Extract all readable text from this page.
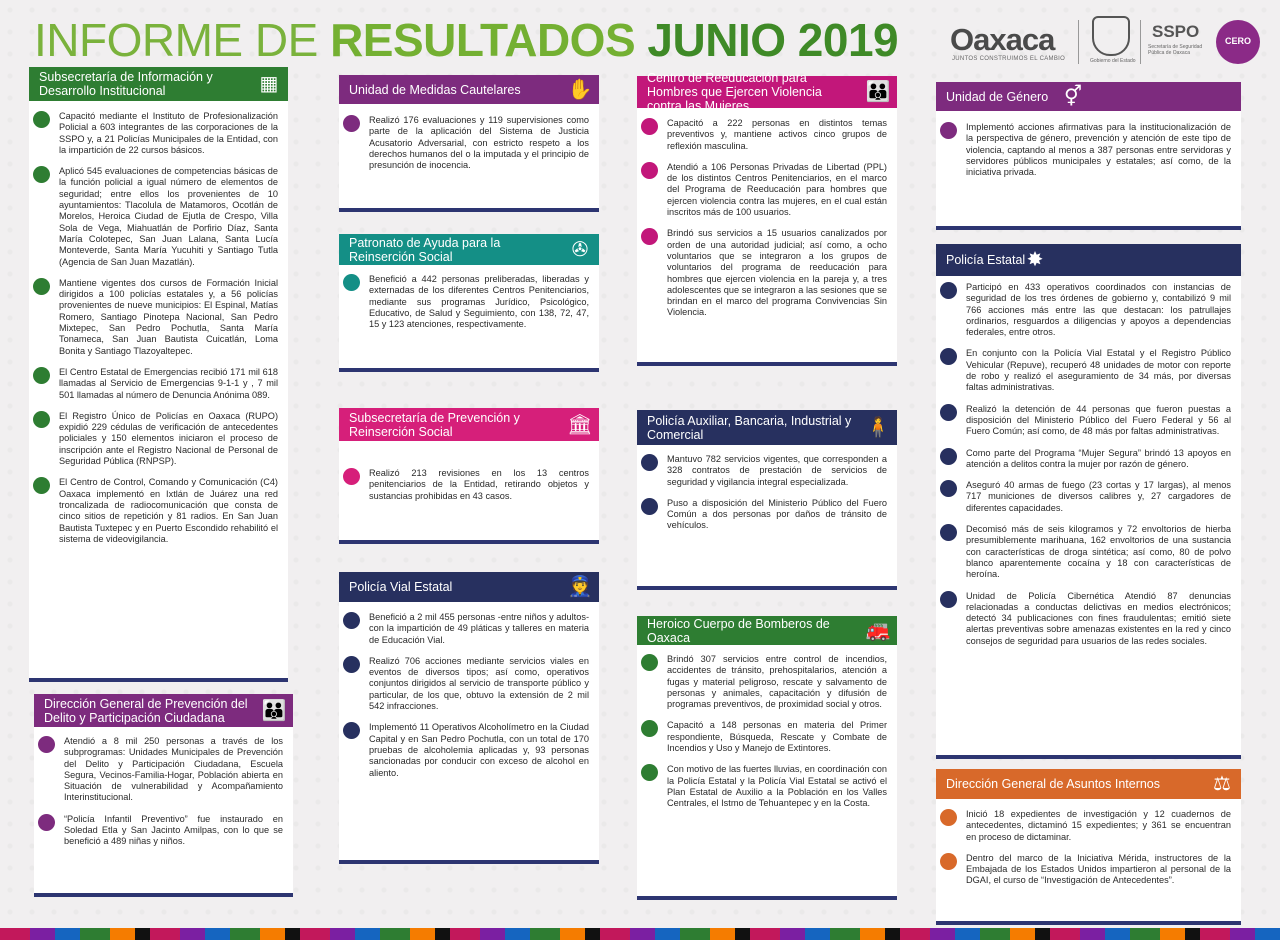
INFORME DE RESULTADOS JUNIO 2019 Oaxaca
JUNTOS CONSTRUIMOS EL CAMBIO	Gobierno del Estado
SSPO
Secretaría de Seguridad Pública de Oaxaca
CERO
Subsecretaría de Información y Desarrollo Institucional	▦
Capacitó mediante el Instituto de Profesionalización Policial a 603 integrantes de las corporaciones de la SSPO y, a 21 Policías Municipales de la Entidad, con la impartición de 22 cursos básicos.
Aplicó 545 evaluaciones de competencias básicas de la función policial a igual número de elementos de seguridad; entre ellos los provenientes de 10 ayuntamientos: Tlacolula de Matamoros, Ocotlán de Morelos, Heroica Ciudad de Ejutla de Crespo, Villa Sola de Vega, Miahuatlán de Porfirio Díaz, Santa María Colotepec, San Juan Lalana, Santa Lucía Monteverde, Santa María Yucuhiti y Santiago Tutla (Agencia de San Juan Mazatlán).
Mantiene vigentes dos cursos de Formación Inicial dirigidos a 100 policías estatales y, a 56 policías provenientes de nueve municipios: El Espinal, Matías Romero, Santiago Pinotepa Nacional, San Pedro Mixtepec, San Pedro Pochutla, Santa María Tonameca, San Juan Bautista Cuicatlán, Loma Bonita y Santiago Tlazoyaltepec.
El Centro Estatal de Emergencias recibió 171 mil 618 llamadas al Servicio de Emergencias 9-1-1 y , 7 mil 501 llamadas al número de Denuncia Anónima 089.
El Registro Único de Policías en Oaxaca (RUPO) expidió 229 cédulas de verificación de antecedentes policiales y 150 elementos iniciaron el proceso de inscripción ante el Registro Nacional de Personal de Seguridad Pública (RNPSP).
El Centro de Control, Comando y Comunicación (C4) Oaxaca implementó en Ixtlán de Juárez una red troncalizada de radiocomunicación que consta de cinco sitios de repetición y 81 radios. En San Juan Bautista Tuxtepec y en Puerto Escondido rehabilitó el sistema de videovigilancia.
Dirección General de Prevención del Delito y Participación Ciudadana	👪
Atendió a 8 mil 250 personas a través de los subprogramas: Unidades Municipales de Prevención del Delito y Participación Ciudadana, Escuela Segura, Vecinos-Familia-Hogar, Población abierta en Situación de vulnerabilidad y Acompañamiento Interinstitucional.
“Policía Infantil Preventivo” fue instaurado en Soledad Etla y San Jacinto Amilpas, con lo que se benefició a 489 niñas y niños.
Unidad de Medidas Cautelares ✋
Realizó 176 evaluaciones y 119 supervisiones como parte de la aplicación del Sistema de Justicia Acusatorio Adversarial, con estricto respeto a los derechos humanos del o la imputada y el principio de presunción de inocencia.
Patronato de Ayuda para la Reinserción Social	✇
Benefició a 442 personas preliberadas, liberadas y externadas de los diferentes Centros Penitenciarios, mediante sus programas Jurídico, Psicológico, Educativo, de Salud y Seguimiento, con 138, 72, 47, 15 y 123 atenciones, respectivamente.
Subsecretaría de Prevención y Reinserción Social	🏛
Realizó 213 revisiones en los 13 centros penitenciarios de la Entidad, retirando objetos y sustancias prohibidas en 43 casos.
Policía Vial Estatal	👮
Benefició a 2 mil 455 personas -entre niños y adultos- con la impartición de 49 pláticas y talleres en materia de Educación Vial.
Realizó 706 acciones mediante servicios viales en eventos de diversos tipos; así como, operativos conjuntos dirigidos al servicio de transporte público y particular, de los que, obtuvo la extensión de 2 mil 542 infracciones.
Implementó 11 Operativos Alcoholímetro en la Ciudad Capital y en San Pedro Pochutla, con un total de 170 pruebas de alcoholemia aplicadas y, 93 personas sancionadas por conducir con exceso de alcohol en aliento.
Centro de Reeducación para Hombres que Ejercen Violencia contra las Mujeres
👪
Capacitó a 222 personas en distintos temas preventivos y, mantiene activos cinco grupos de reflexión masculina.
Atendió a 106 Personas Privadas de Libertad (PPL) de los distintos Centros Penitenciarios, en el marco del Programa de Reeducación para hombres que ejercen violencia contra las mujeres, en el cual están inscritos más de 100 usuarios.
Brindó sus servicios a 15 usuarios canalizados por orden de una autoridad judicial; así como, a ocho voluntarios que se integraron a los grupos de voluntarios del programa de reeducación para hombres que ejercen violencia en la pareja y, a tres adolescentes que se integraron a las sesiones que se brindan en el marco del programa Convivencias Sin Violencia.
Policía Auxiliar, Bancaria, Industrial y Comercial	🧍
Mantuvo 782 servicios vigentes, que corresponden a 328 contratos de prestación de servicios de seguridad y vigilancia integral especializada.
Puso a disposición del Ministerio Público del Fuero Común a dos personas por daños de tránsito de vehículos.
Heroico Cuerpo de Bomberos de Oaxaca	🚒
Brindó 307 servicios entre control de incendios, accidentes de tránsito, prehospitalarios, atención a fugas y material peligroso, rescate y salvamento de personas y animales, capacitación y difusión de programas preventivos, de proximidad social y otros.
Capacitó a 148 personas en materia del Primer respondiente, Búsqueda, Rescate y Combate de Incendios y Uso y Manejo de Extintores.
Con motivo de las fuertes lluvias, en coordinación con la Policía Estatal y la Policía Vial Estatal se activó el Plan Estatal de Auxilio a la Población en los Valles Centrales, el Istmo de Tehuantepec y en la Costa.
Unidad de Género ⚥
Implementó acciones afirmativas para la institucionalización de la perspectiva de género, prevención y atención de este tipo de violencia, captando al menos a 387 personas entre servidoras y servidores públicos municipales y estatales; así como, de la iniciativa privada.
Policía Estatal ✸
Participó en 433 operativos coordinados con instancias de seguridad de los tres órdenes de gobierno y, contabilizó 9 mil 766 acciones más entre las que destacan: los patrullajes ordinarios, resguardos a diligencias y apoyos a dependencias federales, entre otros.
En conjunto con la Policía Vial Estatal y el Registro Público Vehicular (Repuve), recuperó 48 unidades de motor con reporte de robo y realizó el aseguramiento de 34 más, por diversas faltas administrativas.
Realizó la detención de 44 personas que fueron puestas a disposición del Ministerio Público del Fuero Federal y 56 al Fuero Común; así como, de 48 más por faltas administrativas.
Como parte del Programa “Mujer Segura” brindó 13 apoyos en atención a delitos contra la mujer por razón de género.
Aseguró 40 armas de fuego (23 cortas y 17 largas), al menos 717 municiones de diversos calibres y, 27 cargadores de diferentes capacidades.
Decomisó más de seis kilogramos y 72 envoltorios de hierba presumiblemente marihuana, 162 envoltorios de una sustancia con características de droga sintética; así como, 80 de polvo blanco aparentemente cocaína y 18 con características de heroína.
Unidad de Policía Cibernética Atendió 87 denuncias relacionadas a conductas delictivas en medios electrónicos; detectó 34 publicaciones con fines fraudulentas; emitió siete alertas preventivas sobre amenazas existentes en la red y cinco consejos de seguridad para usuarios de las redes sociales.
Dirección General de Asuntos Internos	⚖
Inició 18 expedientes de investigación y 12 cuadernos de antecedentes, dictaminó 15 expedientes; y 361 se encuentran en proceso de dictaminar.
Dentro del marco de la Iniciativa Mérida, instructores de la Embajada de los Estados Unidos impartieron al personal de la DGAI, el curso de “Investigación de Antecedentes”.
